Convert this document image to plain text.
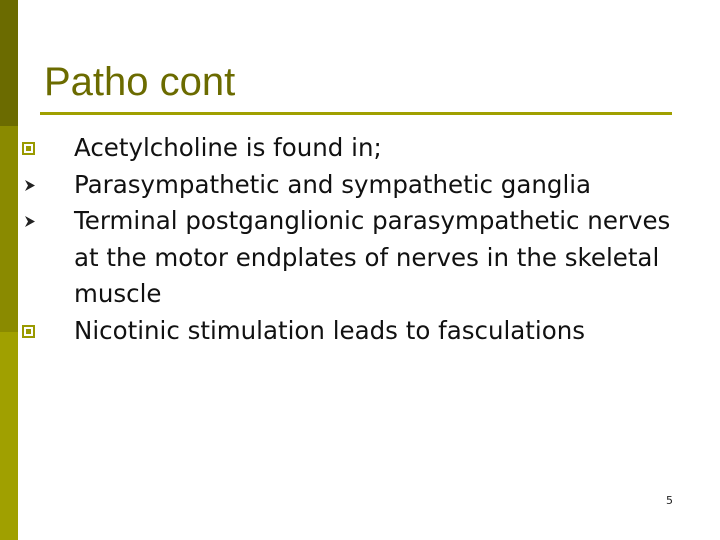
Patho cont
Acetylcholine is found in;
Parasympathetic and sympathetic ganglia
Terminal postganglionic parasympathetic nerves at the motor endplates of nerves in the skeletal muscle
Nicotinic stimulation leads to fasculations
5
